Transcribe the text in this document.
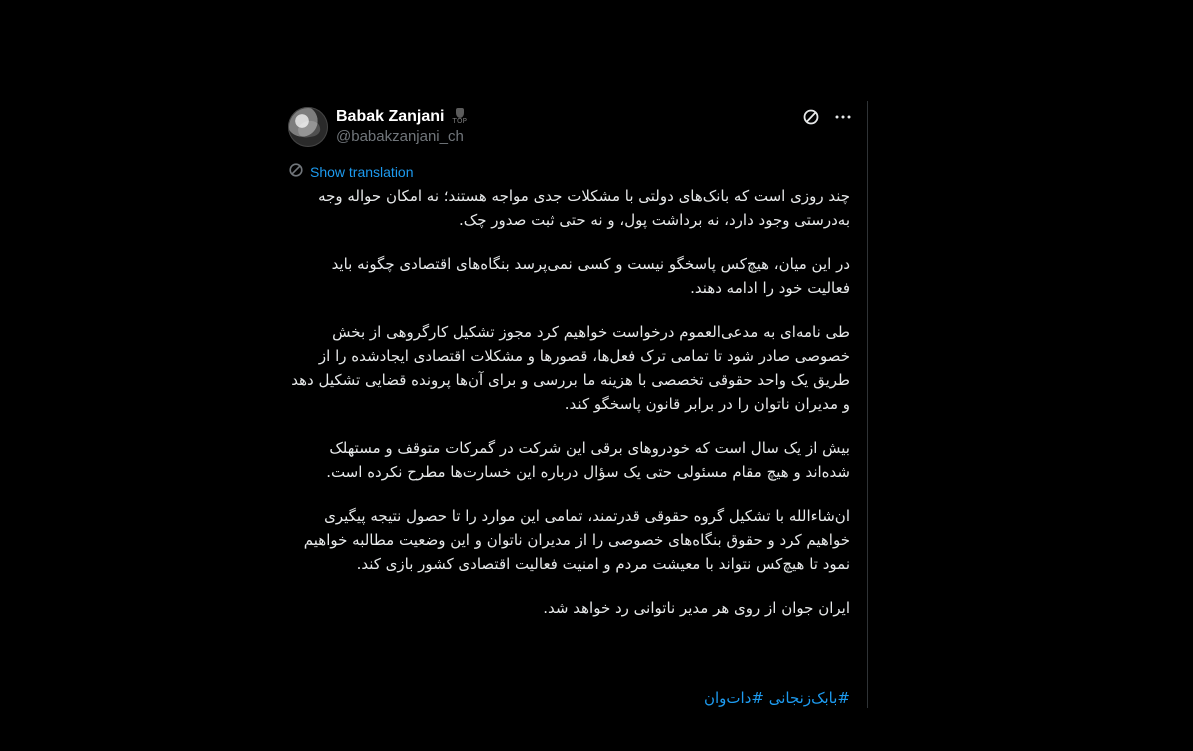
Babak Zanjani TOP
@babakzanjani_ch
Show translation

چند روزی است که بانک‌های دولتی با مشکلات جدی مواجه هستند؛ نه امکان حواله وجه به‌درستی وجود دارد، نه برداشت پول، و نه حتی ثبت صدور چک.

در این میان، هیچ‌کس پاسخگو نیست و کسی نمی‌پرسد بنگاه‌های اقتصادی چگونه باید فعالیت خود را ادامه دهند.

طی نامه‌ای به مدعی‌العموم درخواست خواهیم کرد مجوز تشکیل کارگروهی از بخش خصوصی صادر شود تا تمامی ترک فعل‌ها، قصورها و مشکلات اقتصادی ایجادشده را از طریق یک واحد حقوقی تخصصی با هزینه ما بررسی و برای آن‌ها پرونده قضایی تشکیل دهد و مدیران ناتوان را در برابر قانون پاسخگو کند.

بیش از یک سال است که خودروهای برقی این شرکت در گمرکات متوقف و مستهلک شده‌اند و هیچ مقام مسئولی حتی یک سؤال درباره این خسارت‌ها مطرح نکرده است.

ان‌شاءالله با تشکیل گروه حقوقی قدرتمند، تمامی این موارد را تا حصول نتیجه پیگیری خواهیم کرد و حقوق بنگاه‌های خصوصی را از مدیران ناتوان و این وضعیت مطالبه خواهیم نمود تا هیچ‌کس نتواند با معیشت مردم و امنیت فعالیت اقتصادی کشور بازی کند.

ایران جوان از روی هر مدیر ناتوانی رد خواهد شد.

#بابک‌زنجانی #دات‌وان
